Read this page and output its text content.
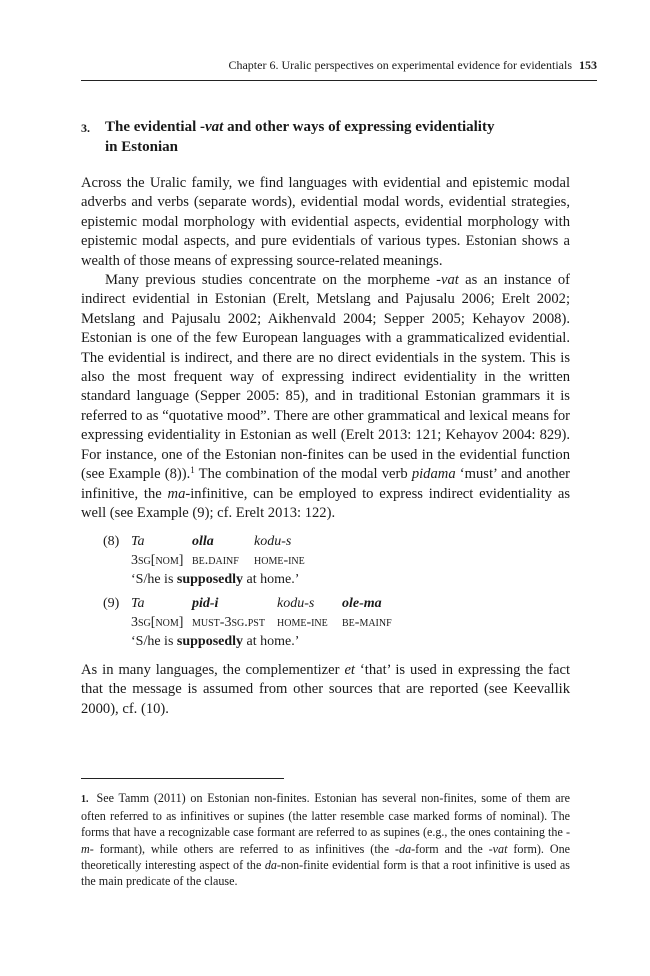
Chapter 6. Uralic perspectives on experimental evidence for evidentials 153
3. The evidential -vat and other ways of expressing evidentiality
in Estonian

Across the Uralic family, we find languages with evidential and epistemic modal adverbs and verbs (separate words), evidential modal words, evidential strategies, epistemic modal morphology with evidential aspects, evidential morphology with epistemic modal aspects, and pure evidentials of various types. Estonian shows a wealth of those means of expressing source-related meanings.

Many previous studies concentrate on the morpheme -vat as an instance of indirect evidential in Estonian (Erelt, Metslang and Pajusalu 2006; Erelt 2002; Metslang and Pajusalu 2002; Aikhenvald 2004; Sepper 2005; Kehayov 2008). Estonian is one of the few European languages with a grammaticalized evidential. The evidential is indirect, and there are no direct evidentials in the system. This is also the most frequent way of expressing indirect evidentiality in the written standard language (Sepper 2005: 85), and in traditional Estonian grammars it is referred to as “quotative mood”. There are other grammatical and lexical means for expressing evidentiality in Estonian as well (Erelt 2013: 121; Kehayov 2004: 829). For instance, one of the Estonian non-finites can be used in the evidential function (see Example (8)).$^1$ The combination of the modal verb pidama ‘must’ and another infinitive, the ma-infinitive, can be employed to express indirect evidentiality as well (see Example (9); cf. Erelt 2013: 122).

(8) Ta	olla	kodu-s
3sg[nom] be.dainf home-ine
‘S/he is supposedly at home.’
(9) Ta	pid-i	kodu-s ole-ma
3sg[nom] must-3sg.pst home-ine be-mainf
‘S/he is supposedly at home.’

As in many languages, the complementizer et ‘that’ is used in expressing the fact that the message is assumed from other sources that are reported (see Keevallik 2000), cf. (10).

1. See Tamm (2011) on Estonian non-finites. Estonian has several non-finites, some of them are often referred to as infinitives or supines (the latter resemble case marked forms of nominal). The forms that have a recognizable case formant are referred to as supines (e.g., the ones containing the -m- formant), while others are referred to as infinitives (the -da-form and the -vat form). One theoretically interesting aspect of the da-non-finite evidential form is that a root infinitive is used as the main predicate of the clause.
